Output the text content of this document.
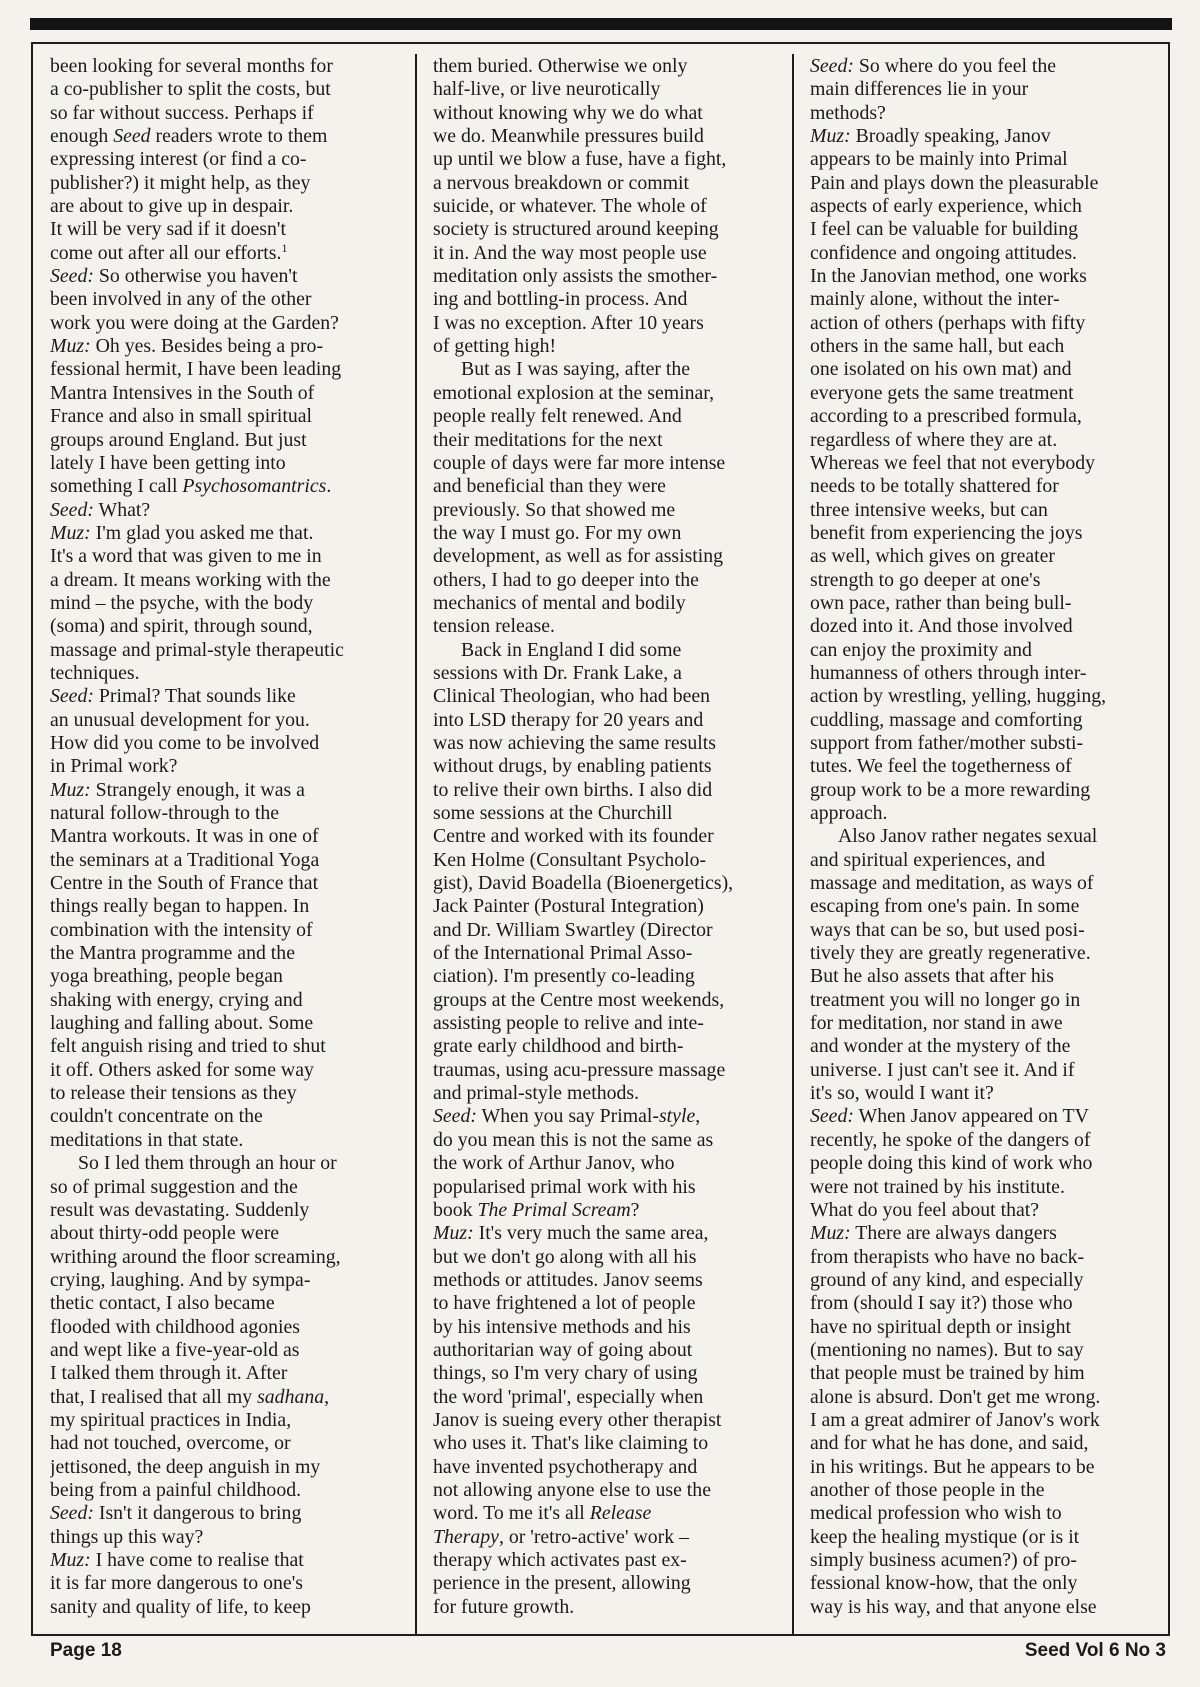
been looking for several months for
a co-publisher to split the costs, but
so far without success. Perhaps if
enough Seed readers wrote to them
expressing interest (or find a co-
publisher?) it might help, as they
are about to give up in despair.
It will be very sad if it doesn't
come out after all our efforts.$^1$
Seed: So otherwise you haven't
been involved in any of the other
work you were doing at the Garden?
Muz: Oh yes. Besides being a pro-
fessional hermit, I have been leading
Mantra Intensives in the South of
France and also in small spiritual
groups around England. But just
lately I have been getting into
something I call Psychosomantrics.
Seed: What?
Muz: I'm glad you asked me that.
It's a word that was given to me in
a dream. It means working with the
mind – the psyche, with the body
(soma) and spirit, through sound,
massage and primal-style therapeutic
techniques.
Seed: Primal? That sounds like
an unusual development for you.
How did you come to be involved
in Primal work?
Muz: Strangely enough, it was a
natural follow-through to the
Mantra workouts. It was in one of
the seminars at a Traditional Yoga
Centre in the South of France that
things really began to happen. In
combination with the intensity of
the Mantra programme and the
yoga breathing, people began
shaking with energy, crying and
laughing and falling about. Some
felt anguish rising and tried to shut
it off. Others asked for some way
to release their tensions as they
couldn't concentrate on the
meditations in that state.
So I led them through an hour or
so of primal suggestion and the
result was devastating. Suddenly
about thirty-odd people were
writhing around the floor screaming,
crying, laughing. And by sympa-
thetic contact, I also became
flooded with childhood agonies
and wept like a five-year-old as
I talked them through it. After
that, I realised that all my sadhana,
my spiritual practices in India,
had not touched, overcome, or
jettisoned, the deep anguish in my
being from a painful childhood.
Seed: Isn't it dangerous to bring
things up this way?
Muz: I have come to realise that
it is far more dangerous to one's
sanity and quality of life, to keep
them buried. Otherwise we only
half-live, or live neurotically
without knowing why we do what
we do. Meanwhile pressures build
up until we blow a fuse, have a fight,
a nervous breakdown or commit
suicide, or whatever. The whole of
society is structured around keeping
it in. And the way most people use
meditation only assists the smother-
ing and bottling-in process. And
I was no exception. After 10 years
of getting high!
But as I was saying, after the
emotional explosion at the seminar,
people really felt renewed. And
their meditations for the next
couple of days were far more intense
and beneficial than they were
previously. So that showed me
the way I must go. For my own
development, as well as for assisting
others, I had to go deeper into the
mechanics of mental and bodily
tension release.
Back in England I did some
sessions with Dr. Frank Lake, a
Clinical Theologian, who had been
into LSD therapy for 20 years and
was now achieving the same results
without drugs, by enabling patients
to relive their own births. I also did
some sessions at the Churchill
Centre and worked with its founder
Ken Holme (Consultant Psycholo-
gist), David Boadella (Bioenergetics),
Jack Painter (Postural Integration)
and Dr. William Swartley (Director
of the International Primal Asso-
ciation). I'm presently co-leading
groups at the Centre most weekends,
assisting people to relive and inte-
grate early childhood and birth-
traumas, using acu-pressure massage
and primal-style methods.
Seed: When you say Primal-style,
do you mean this is not the same as
the work of Arthur Janov, who
popularised primal work with his
book The Primal Scream?
Muz: It's very much the same area,
but we don't go along with all his
methods or attitudes. Janov seems
to have frightened a lot of people
by his intensive methods and his
authoritarian way of going about
things, so I'm very chary of using
the word 'primal', especially when
Janov is sueing every other therapist
who uses it. That's like claiming to
have invented psychotherapy and
not allowing anyone else to use the
word. To me it's all Release
Therapy, or 'retro-active' work –
therapy which activates past ex-
perience in the present, allowing
for future growth.
Seed: So where do you feel the
main differences lie in your
methods?
Muz: Broadly speaking, Janov
appears to be mainly into Primal
Pain and plays down the pleasurable
aspects of early experience, which
I feel can be valuable for building
confidence and ongoing attitudes.
In the Janovian method, one works
mainly alone, without the inter-
action of others (perhaps with fifty
others in the same hall, but each
one isolated on his own mat) and
everyone gets the same treatment
according to a prescribed formula,
regardless of where they are at.
Whereas we feel that not everybody
needs to be totally shattered for
three intensive weeks, but can
benefit from experiencing the joys
as well, which gives on greater
strength to go deeper at one's
own pace, rather than being bull-
dozed into it. And those involved
can enjoy the proximity and
humanness of others through inter-
action by wrestling, yelling, hugging,
cuddling, massage and comforting
support from father/mother substi-
tutes. We feel the togetherness of
group work to be a more rewarding
approach.
Also Janov rather negates sexual
and spiritual experiences, and
massage and meditation, as ways of
escaping from one's pain. In some
ways that can be so, but used posi-
tively they are greatly regenerative.
But he also assets that after his
treatment you will no longer go in
for meditation, nor stand in awe
and wonder at the mystery of the
universe. I just can't see it. And if
it's so, would I want it?
Seed: When Janov appeared on TV
recently, he spoke of the dangers of
people doing this kind of work who
were not trained by his institute.
What do you feel about that?
Muz: There are always dangers
from therapists who have no back-
ground of any kind, and especially
from (should I say it?) those who
have no spiritual depth or insight
(mentioning no names). But to say
that people must be trained by him
alone is absurd. Don't get me wrong.
I am a great admirer of Janov's work
and for what he has done, and said,
in his writings. But he appears to be
another of those people in the
medical profession who wish to
keep the healing mystique (or is it
simply business acumen?) of pro-
fessional know-how, that the only
way is his way, and that anyone else
Page 18	Seed Vol 6 No 3
